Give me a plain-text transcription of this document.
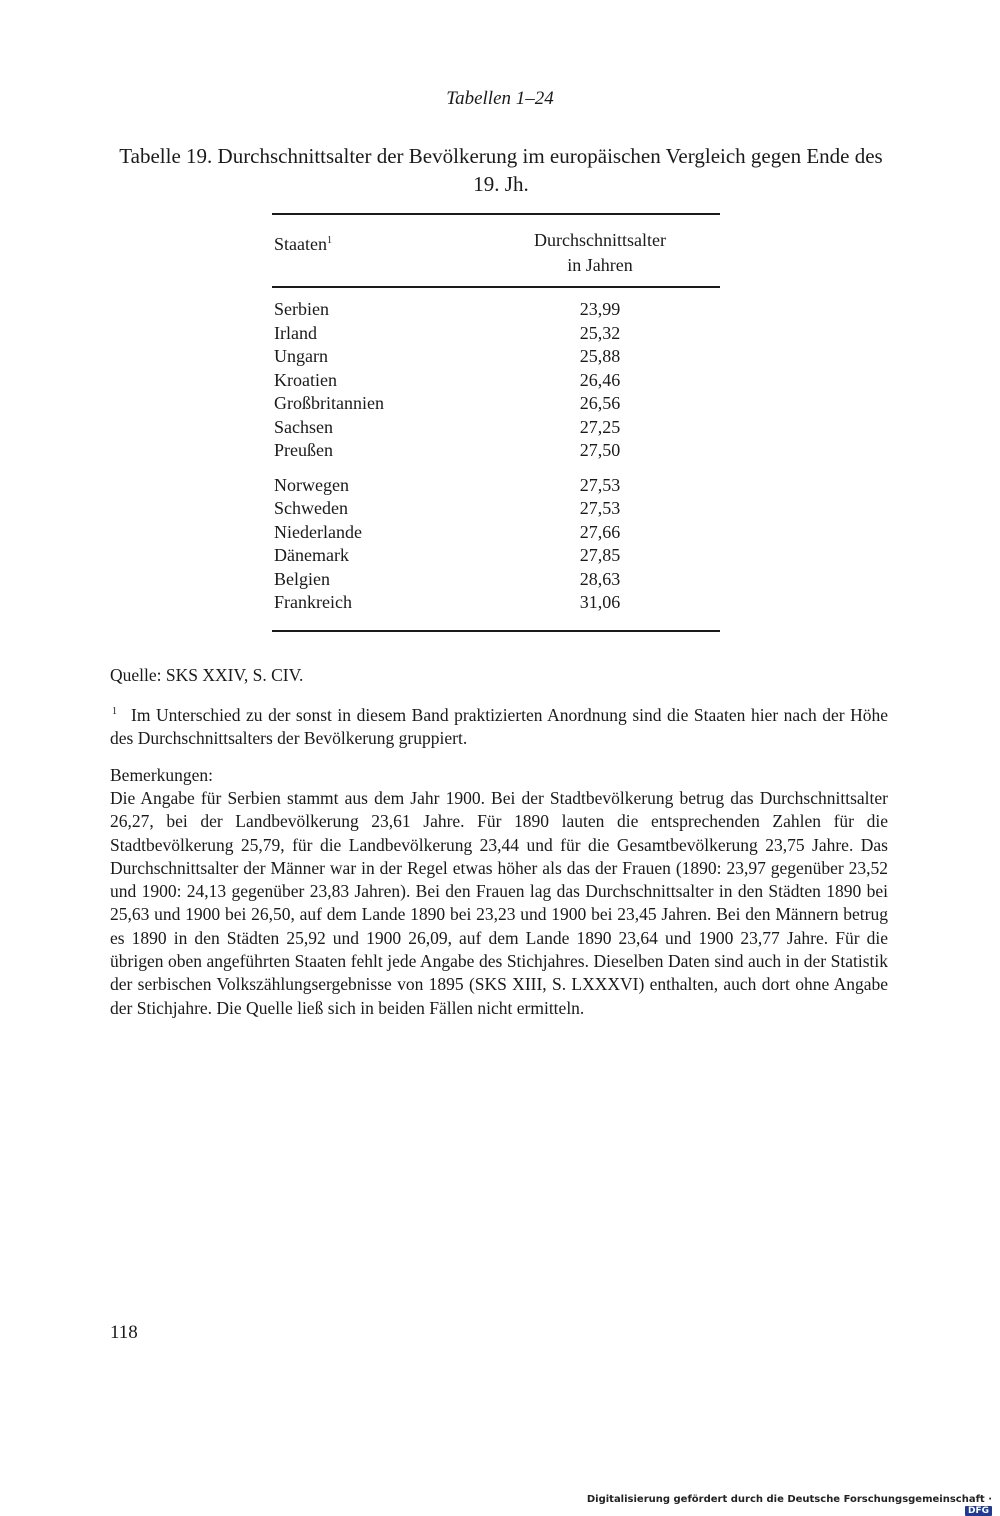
Tabellen 1–24
Tabelle 19. Durchschnittsalter der Bevölkerung im europäischen Vergleich gegen Ende des 19. Jh.
Staaten$^1$	Durchschnittsalter
in Jahren
Serbien	23,99
Irland	25,32
Ungarn	25,88
Kroatien	26,46
Großbritannien	26,56
Sachsen	27,25
Preußen	27,50
Norwegen	27,53
Schweden	27,53
Niederlande	27,66
Dänemark	27,85
Belgien	28,63
Frankreich	31,06
Quelle: SKS XXIV, S. CIV.
$^1$ Im Unterschied zu der sonst in diesem Band praktizierten Anordnung sind die Staaten hier nach der Höhe des Durchschnittsalters der Bevölkerung gruppiert.
Bemerkungen:
Die Angabe für Serbien stammt aus dem Jahr 1900. Bei der Stadtbevölkerung betrug das Durchschnittsalter 26,27, bei der Landbevölkerung 23,61 Jahre. Für 1890 lauten die entsprechenden Zahlen für die Stadtbevölkerung 25,79, für die Landbevölkerung 23,44 und für die Gesamtbevölkerung 23,75 Jahre. Das Durchschnittsalter der Männer war in der Regel etwas höher als das der Frauen (1890: 23,97 gegenüber 23,52 und 1900: 24,13 gegenüber 23,83 Jahren). Bei den Frauen lag das Durchschnittsalter in den Städten 1890 bei 25,63 und 1900 bei 26,50, auf dem Lande 1890 bei 23,23 und 1900 bei 23,45 Jahren. Bei den Männern betrug es 1890 in den Städten 25,92 und 1900 26,09, auf dem Lande 1890 23,64 und 1900 23,77 Jahre. Für die übrigen oben angeführten Staaten fehlt jede Angabe des Stichjahres. Dieselben Daten sind auch in der Statistik der serbischen Volkszählungsergebnisse von 1895 (SKS XIII, S. LXXXVI) enthalten, auch dort ohne Angabe der Stichjahre. Die Quelle ließ sich in beiden Fällen nicht ermitteln.
118
Digitalisierung gefördert durch die Deutsche Forschungsgemeinschaft ·DFG
